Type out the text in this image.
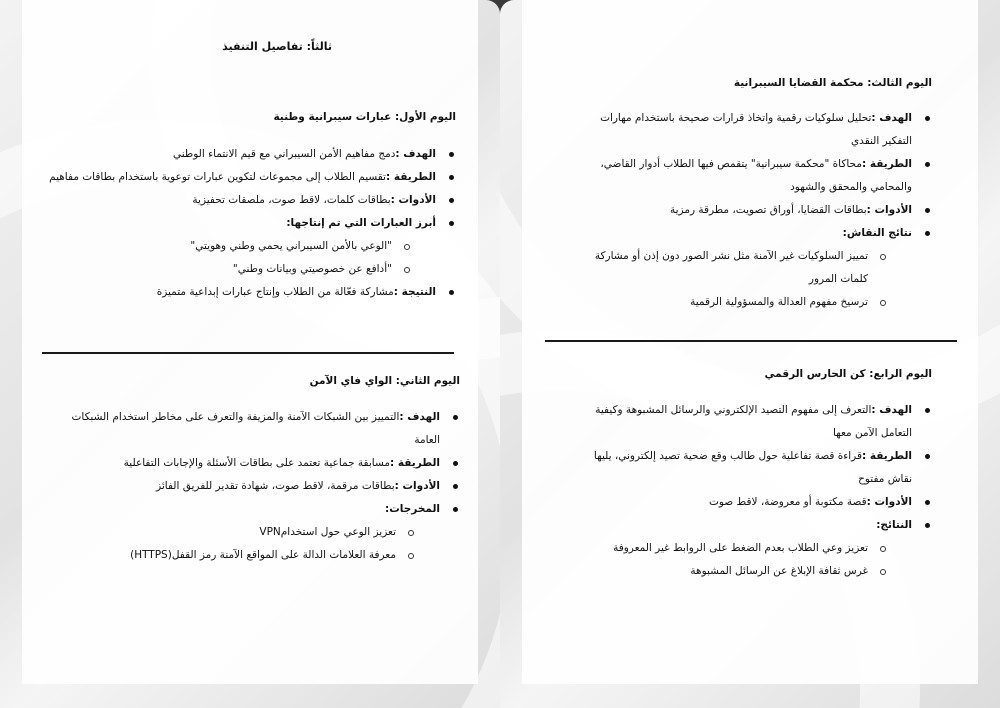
ثالثاً: تفاصيل التنفيذ
اليوم الأول: عبارات سيبرانية وطنية
الهدف :دمج مفاهيم الأمن السيبراني مع قيم الانتماء الوطني
الطريقة :تقسيم الطلاب إلى مجموعات لتكوين عبارات توعوية باستخدام بطاقات مفاهيم
الأدوات :بطاقات كلمات، لاقط صوت، ملصقات تحفيزية
أبرز العبارات التي تم إنتاجها:
"الوعي بالأمن السيبراني يحمي وطني وهويتي"
"أدافع عن خصوصيتي وبيانات وطني"
النتيجة :مشاركة فعّالة من الطلاب وإنتاج عبارات إبداعية متميزة
اليوم الثاني: الواي فاي الآمن
الهدف :التمييز بين الشبكات الآمنة والمزيفة والتعرف على مخاطر استخدام الشبكات العامة
الطريقة :مسابقة جماعية تعتمد على بطاقات الأسئلة والإجابات التفاعلية
الأدوات :بطاقات مرقمة، لاقط صوت، شهادة تقدير للفريق الفائز
المخرجات:
تعزيز الوعي حول استخدامVPN
معرفة العلامات الدالة على المواقع الآمنة رمز القفل(HTTPS)
اليوم الثالث: محكمة القضايا السيبرانية
الهدف :تحليل سلوكيات رقمية واتخاذ قرارات صحيحة باستخدام مهارات التفكير النقدي
الطريقة :محاكاة "محكمة سيبرانية" يتقمص فيها الطلاب أدوار القاضي، والمحامي والمحقق والشهود
الأدوات :بطاقات القضايا، أوراق تصويت، مطرقة رمزية
نتائج النقاش:
تمييز السلوكيات غير الآمنة مثل نشر الصور دون إذن أو مشاركة كلمات المرور
ترسيخ مفهوم العدالة والمسؤولية الرقمية
اليوم الرابع: كن الحارس الرقمي
الهدف :التعرف إلى مفهوم التصيد الإلكتروني والرسائل المشبوهة وكيفية التعامل الآمن معها
الطريقة :قراءة قصة تفاعلية حول طالب وقع ضحية تصيد إلكتروني، يليها نقاش مفتوح
الأدوات :قصة مكتوبة أو معروضة، لاقط صوت
النتائج:
تعزيز وعي الطلاب بعدم الضغط على الروابط غير المعروفة
غرس ثقافة الإبلاغ عن الرسائل المشبوهة
